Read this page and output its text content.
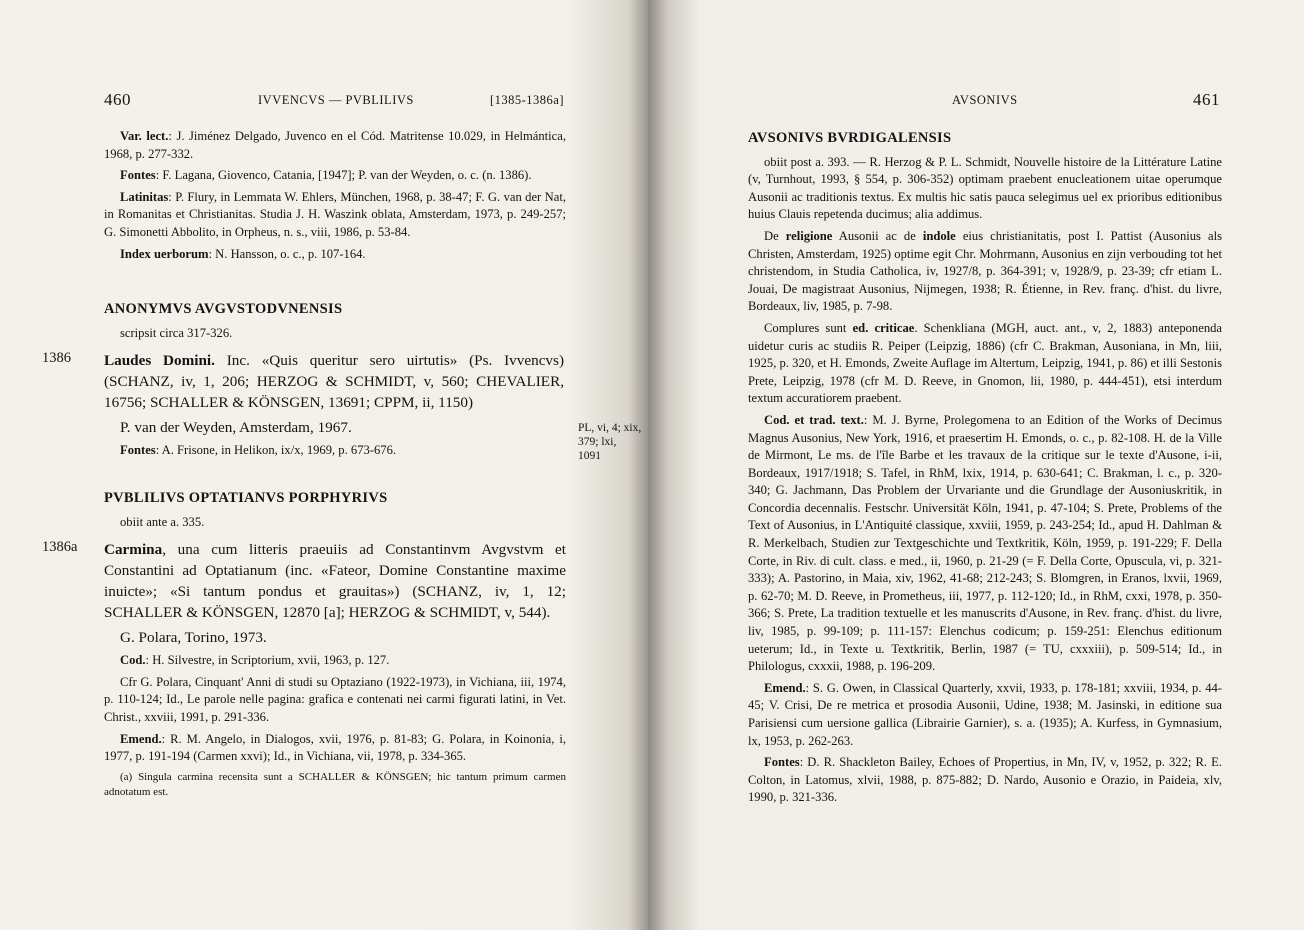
460	IVVENCVS — PVBLILIVS	[1385-1386a]

Var. lect.: J. Jiménez Delgado, Juvenco en el Cód. Matritense 10.029, in Helmántica, 1968, p. 277-332.

Fontes: F. Lagana, Giovenco, Catania, [1947]; P. van der Weyden, o. c. (n. 1386).

Latinitas: P. Flury, in Lemmata W. Ehlers, München, 1968, p. 38-47; F. G. van der Nat, in Romanitas et Christianitas. Studia J. H. Waszink oblata, Amsterdam, 1973, p. 249-257; G. Simonetti Abbolito, in Orpheus, n. s., viii, 1986, p. 53-84.

Index uerborum: N. Hansson, o. c., p. 107-164.

ANONYMVS AVGVSTODVNENSIS

scripsit circa 317-326.

1386 Laudes Domini. Inc. «Quis queritur sero uirtutis» (Ps. Ivvencvs) (SCHANZ, iv, 1, 206; HERZOG & SCHMIDT, v, 560; CHEVALIER, 16756; SCHALLER & KÖNSGEN, 13691; CPPM, ii, 1150)

P. van der Weyden, Amsterdam, 1967.

Fontes: A. Frisone, in Helikon, ix/x, 1969, p. 673-676.

PVBLILIVS OPTATIANVS PORPHYRIVS

obiit ante a. 335.

1386a Carmina, una cum litteris praeuiis ad Constantinvm Avgvstvm et Constantini ad Optatianum (inc. «Fateor, Domine Constantine maxime inuicte»; «Si tantum pondus et grauitas») (SCHANZ, iv, 1, 12; SCHALLER & KÖNSGEN, 12870 [a]; HERZOG & SCHMIDT, v, 544).

G. Polara, Torino, 1973.

Cod.: H. Silvestre, in Scriptorium, xvii, 1963, p. 127.

Cfr G. Polara, Cinquant' Anni di studi su Optaziano (1922-1973), in Vichiana, iii, 1974, p. 110-124; Id., Le parole nelle pagina: grafica e contenati nei carmi figurati latini, in Vet. Christ., xxviii, 1991, p. 291-336.

Emend.: R. M. Angelo, in Dialogos, xvii, 1976, p. 81-83; G. Polara, in Koinonia, i, 1977, p. 191-194 (Carmen xxvi); Id., in Vichiana, vii, 1978, p. 334-365.

(a) Singula carmina recensita sunt a SCHALLER & KÖNSGEN; hic tantum primum carmen adnotatum est.

PL, vi, 4; xix, 379; lxi, 1091

AVSONIVS	461
AVSONIVS BVRDIGALENSIS

obiit post a. 393. — R. Herzog & P. L. Schmidt, Nouvelle histoire de la Littérature Latine (v, Turnhout, 1993, § 554, p. 306-352) optimam praebent enucleationem uitae operumque Ausonii ac traditionis textus. Ex multis hic satis pauca selegimus uel ex prioribus editionibus huius Clauis repetenda ducimus; alia addimus.

De religione Ausonii ac de indole eius christianitatis, post I. Pattist (Ausonius als Christen, Amsterdam, 1925) optime egit Chr. Mohrmann, Ausonius en zijn verbouding tot het christendom, in Studia Catholica, iv, 1927/8, p. 364-391; v, 1928/9, p. 23-39; cfr etiam L. Jouai, De magistraat Ausonius, Nijmegen, 1938; R. Étienne, in Rev. franç. d'hist. du livre, Bordeaux, liv, 1985, p. 7-98.

Complures sunt ed. criticae. Schenkliana (MGH, auct. ant., v, 2, 1883) anteponenda uidetur curis ac studiis R. Peiper (Leipzig, 1886) (cfr C. Brakman, Ausoniana, in Mn, liii, 1925, p. 320, et H. Emonds, Zweite Auflage im Altertum, Leipzig, 1941, p. 86) et illi Sestonis Prete, Leipzig, 1978 (cfr M. D. Reeve, in Gnomon, lii, 1980, p. 444-451), etsi interdum textum accuratiorem praebent.

Cod. et trad. text.: M. J. Byrne, Prolegomena to an Edition of the Works of Decimus Magnus Ausonius, New York, 1916, et praesertim H. Emonds, o. c., p. 82-108. H. de la Ville de Mirmont, Le ms. de l'île Barbe et les travaux de la critique sur le texte d'Ausone, i-ii, Bordeaux, 1917/1918; S. Tafel, in RhM, lxix, 1914, p. 630-641; C. Brakman, l. c., p. 320-340; G. Jachmann, Das Problem der Urvariante und die Grundlage der Ausoniuskritik, in Concordia decennalis. Festschr. Universität Köln, 1941, p. 47-104; S. Prete, Problems of the Text of Ausonius, in L'Antiquité classique, xxviii, 1959, p. 243-254; Id., apud H. Dahlman & R. Merkelbach, Studien zur Textgeschichte und Textkritik, Köln, 1959, p. 191-229; F. Della Corte, in Riv. di cult. class. e med., ii, 1960, p. 21-29 (= F. Della Corte, Opuscula, vi, p. 321-333); A. Pastorino, in Maia, xiv, 1962, 41-68; 212-243; S. Blomgren, in Eranos, lxvii, 1969, p. 62-70; M. D. Reeve, in Prometheus, iii, 1977, p. 112-120; Id., in RhM, cxxi, 1978, p. 350-366; S. Prete, La tradition textuelle et les manuscrits d'Ausone, in Rev. franç. d'hist. du livre, liv, 1985, p. 99-109; p. 111-157: Elenchus codicum; p. 159-251: Elenchus editionum ueterum; Id., in Texte u. Textkritik, Berlin, 1987 (= TU, cxxxiii), p. 509-514; Id., in Philologus, cxxxii, 1988, p. 196-209.

Emend.: S. G. Owen, in Classical Quarterly, xxvii, 1933, p. 178-181; xxviii, 1934, p. 44-45; V. Crisi, De re metrica et prosodia Ausonii, Udine, 1938; M. Jasinski, in editione sua Parisiensi cum uersione gallica (Librairie Garnier), s. a. (1935); A. Kurfess, in Gymnasium, lx, 1953, p. 262-263.

Fontes: D. R. Shackleton Bailey, Echoes of Propertius, in Mn, IV, v, 1952, p. 322; R. E. Colton, in Latomus, xlvii, 1988, p. 875-882; D. Nardo, Ausonio e Orazio, in Paideia, xlv, 1990, p. 321-336.
